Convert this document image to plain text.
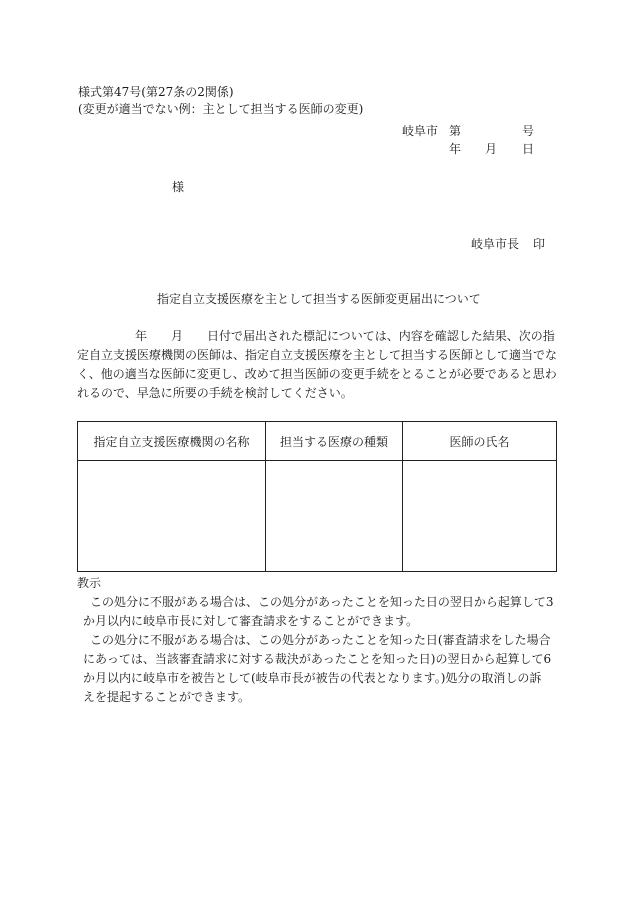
様式第47号(第27条の2関係)
(変更が適当でない例：主として担当する医師の変更)
岐阜市 第	号
年 月 日
様
岐阜市長 印
指定自立支援医療を主として担当する医師変更届出について

年　　月　　日付で届出された標記については、内容を確認した結果、次の指

定自立支援医療機関の医師は、指定自立支援医療を主として担当する医師として適当でな

く、他の適当な医師に変更し、改めて担当医師の変更手続をとることが必要であると思わ

れるので、早急に所要の手続を検討してください。

指定自立支援医療機関の名称	担当する医療の種類	医師の氏名

教示

この処分に不服がある場合は、この処分があったことを知った日の翌日から起算して3

か月以内に岐阜市長に対して審査請求をすることができます。

この処分に不服がある場合は、この処分があったことを知った日(審査請求をした場合

にあっては、当該審査請求に対する裁決があったことを知った日)の翌日から起算して6

か月以内に岐阜市を被告として(岐阜市長が被告の代表となります。)処分の取消しの訴

えを提起することができます。
